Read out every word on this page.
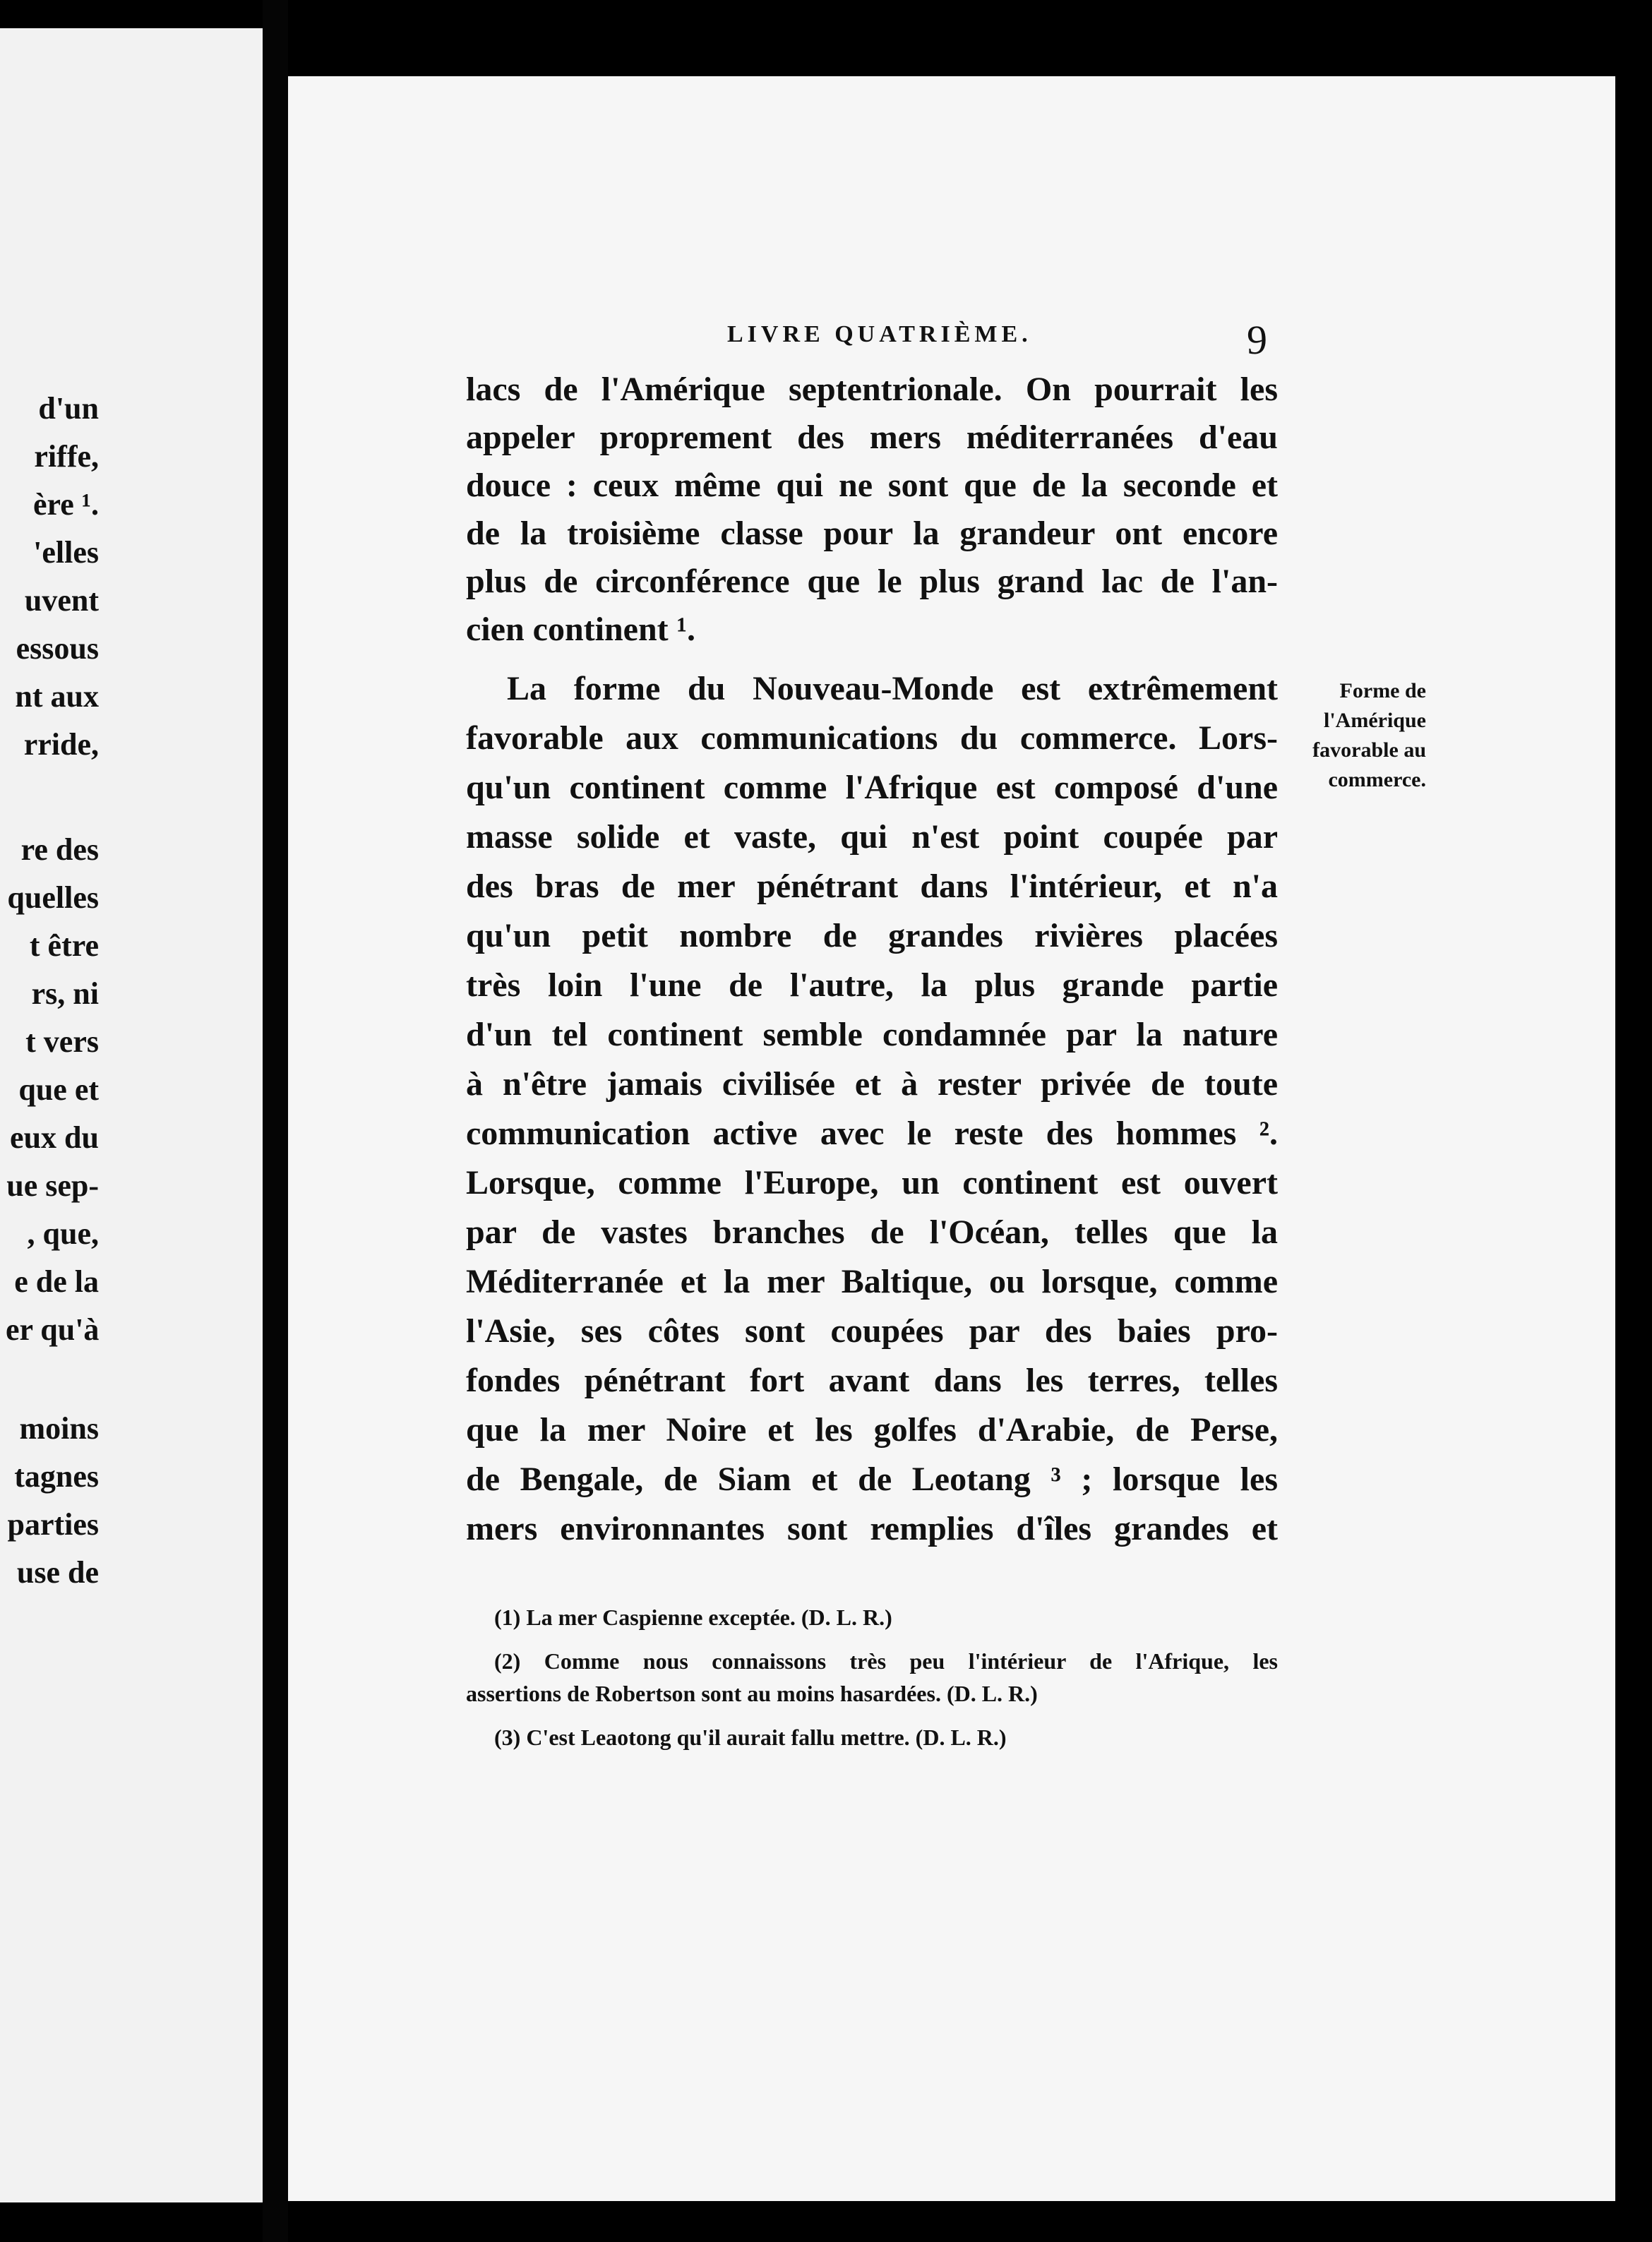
d'un
riffe,
ère ¹.
'elles
uvent
essous
nt aux
rride,
re des
quelles
t être
rs, ni
t vers
que et
eux du
ue sep-
, que,
e de la
er qu'à
moins
tagnes
parties
use de
LIVRE QUATRIÈME.	9
lacs de l'Amérique septentrionale. On pourrait les
appeler proprement des mers méditerranées d'eau
douce : ceux même qui ne sont que de la seconde et
de la troisième classe pour la grandeur ont encore
plus de circonférence que le plus grand lac de l'an-
cien continent ¹.
La forme du Nouveau-Monde est extrêmement
favorable aux communications du commerce. Lors-
qu'un continent comme l'Afrique est composé d'une
masse solide et vaste, qui n'est point coupée par
des bras de mer pénétrant dans l'intérieur, et n'a
qu'un petit nombre de grandes rivières placées
très loin l'une de l'autre, la plus grande partie
d'un tel continent semble condamnée par la nature
à n'être jamais civilisée et à rester privée de toute
communication active avec le reste des hommes ².
Lorsque, comme l'Europe, un continent est ouvert
par de vastes branches de l'Océan, telles que la
Méditerranée et la mer Baltique, ou lorsque, comme
l'Asie, ses côtes sont coupées par des baies pro-
fondes pénétrant fort avant dans les terres, telles
que la mer Noire et les golfes d'Arabie, de Perse,
de Bengale, de Siam et de Leotang ³ ; lorsque les
mers environnantes sont remplies d'îles grandes et
Forme de
l'Amérique
favorable au
commerce.
(1) La mer Caspienne exceptée. (D. L. R.)
(2) Comme nous connaissons très peu l'intérieur de l'Afrique, les
assertions de Robertson sont au moins hasardées. (D. L. R.)
(3) C'est Leaotong qu'il aurait fallu mettre. (D. L. R.)
